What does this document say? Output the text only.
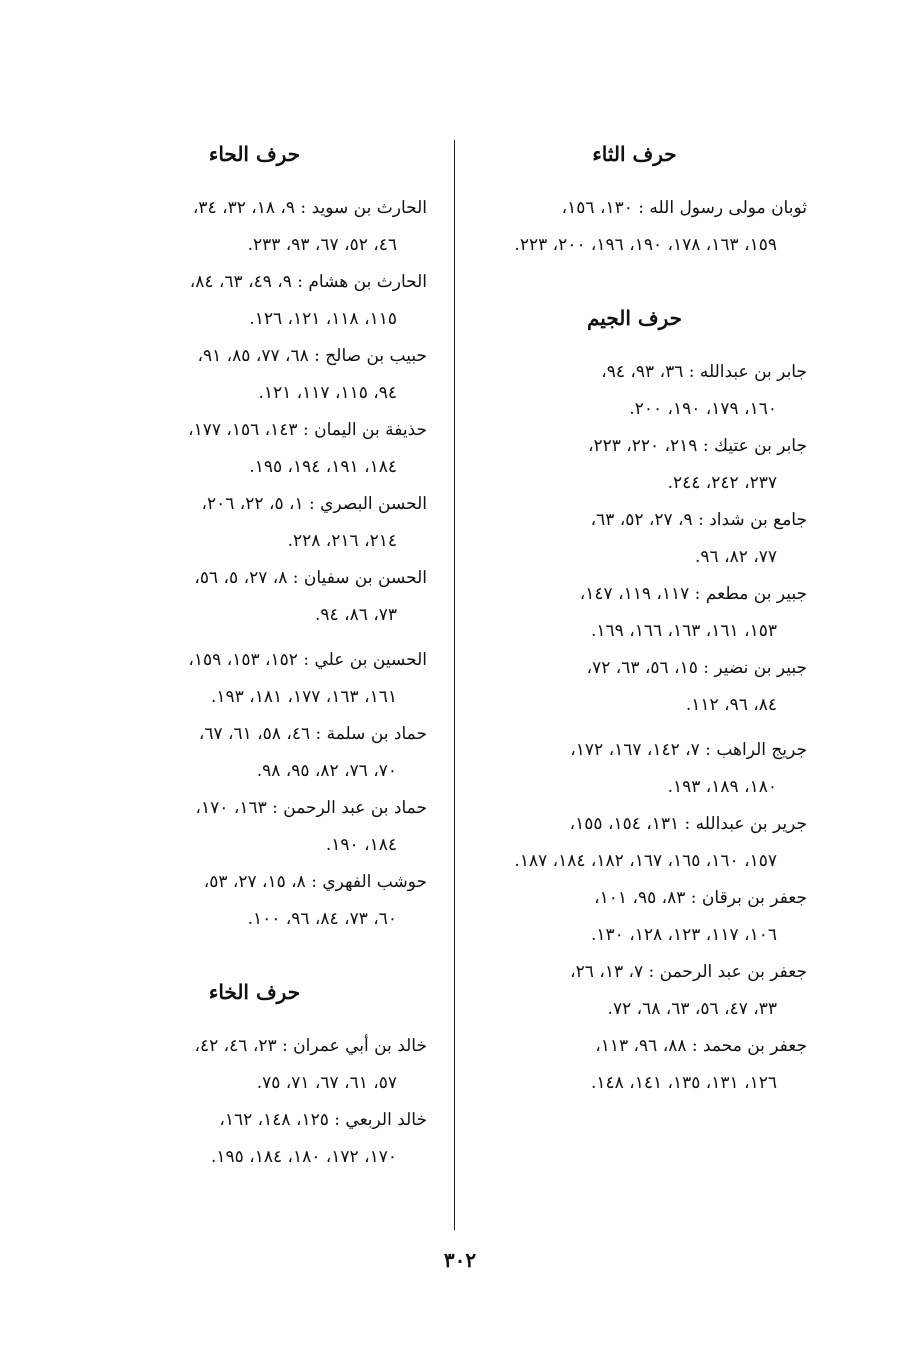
حرف الثاء

ثوبان مولى رسول الله : ١٣٠، ١٥٦،
١٥٩، ١٦٣، ١٧٨، ١٩٠، ١٩٦، ٢٠٠، ٢٢٣.

حرف الجيم

جابر بن عبدالله : ٣٦، ٩٣، ٩٤،
١٦٠، ١٧٩، ١٩٠، ٢٠٠.

جابر بن عتيك : ٢١٩، ٢٢٠، ٢٢٣،
٢٣٧، ٢٤٢، ٢٤٤.

جامع بن شداد : ٩، ٢٧، ٥٢، ٦٣،
٧٧، ٨٢، ٩٦.

جبير بن مطعم : ١١٧، ١١٩، ١٤٧،
١٥٣، ١٦١، ١٦٣، ١٦٦، ١٦٩.

جبير بن نضير : ١٥، ٥٦، ٦٣، ٧٢،
٨٤، ٩٦، ١١٢.

جريج الراهب : ٧، ١٤٢، ١٦٧، ١٧٢،
١٨٠، ١٨٩، ١٩٣.

جرير بن عبدالله : ١٣١، ١٥٤، ١٥٥،
١٥٧، ١٦٠، ١٦٥، ١٦٧، ١٨٢، ١٨٤، ١٨٧.

جعفر بن برقان : ٨٣، ٩٥، ١٠١،
١٠٦، ١١٧، ١٢٣، ١٢٨، ١٣٠.

جعفر بن عبد الرحمن : ٧، ١٣، ٢٦،
٣٣، ٤٧، ٥٦، ٦٣، ٦٨، ٧٢.

جعفر بن محمد : ٨٨، ٩٦، ١١٣،
١٢٦، ١٣١، ١٣٥، ١٤١، ١٤٨.

حرف الحاء

الحارث بن سويد : ٩، ١٨، ٣٢، ٣٤،
٤٦، ٥٢، ٦٧، ٩٣، ٢٣٣.

الحارث بن هشام : ٩، ٤٩، ٦٣، ٨٤،
١١٥، ١١٨، ١٢١، ١٢٦.

حبيب بن صالح : ٦٨، ٧٧، ٨٥، ٩١،
٩٤، ١١٥، ١١٧، ١٢١.

حذيفة بن اليمان : ١٤٣، ١٥٦، ١٧٧،
١٨٤، ١٩١، ١٩٤، ١٩٥.

الحسن البصري : ١، ٥، ٢٢، ٢٠٦،
٢١٤، ٢١٦، ٢٢٨.

الحسن بن سفيان : ٨، ٢٧، ٥، ٥٦،
٧٣، ٨٦، ٩٤.

الحسين بن علي : ١٥٢، ١٥٣، ١٥٩،
١٦١، ١٦٣، ١٧٧، ١٨١، ١٩٣.

حماد بن سلمة : ٤٦، ٥٨، ٦١، ٦٧،
٧٠، ٧٦، ٨٢، ٩٥، ٩٨.

حماد بن عبد الرحمن : ١٦٣، ١٧٠،
١٨٤، ١٩٠.

حوشب الفهري : ٨، ١٥، ٢٧، ٥٣،
٦٠، ٧٣، ٨٤، ٩٦، ١٠٠.

حرف الخاء

خالد بن أبي عمران : ٢٣، ٤٦، ٤٢،
٥٧، ٦١، ٦٧، ٧١، ٧٥.

خالد الربعي : ١٢٥، ١٤٨، ١٦٢،
١٧٠، ١٧٢، ١٨٠، ١٨٤، ١٩٥.

٣٠٢
